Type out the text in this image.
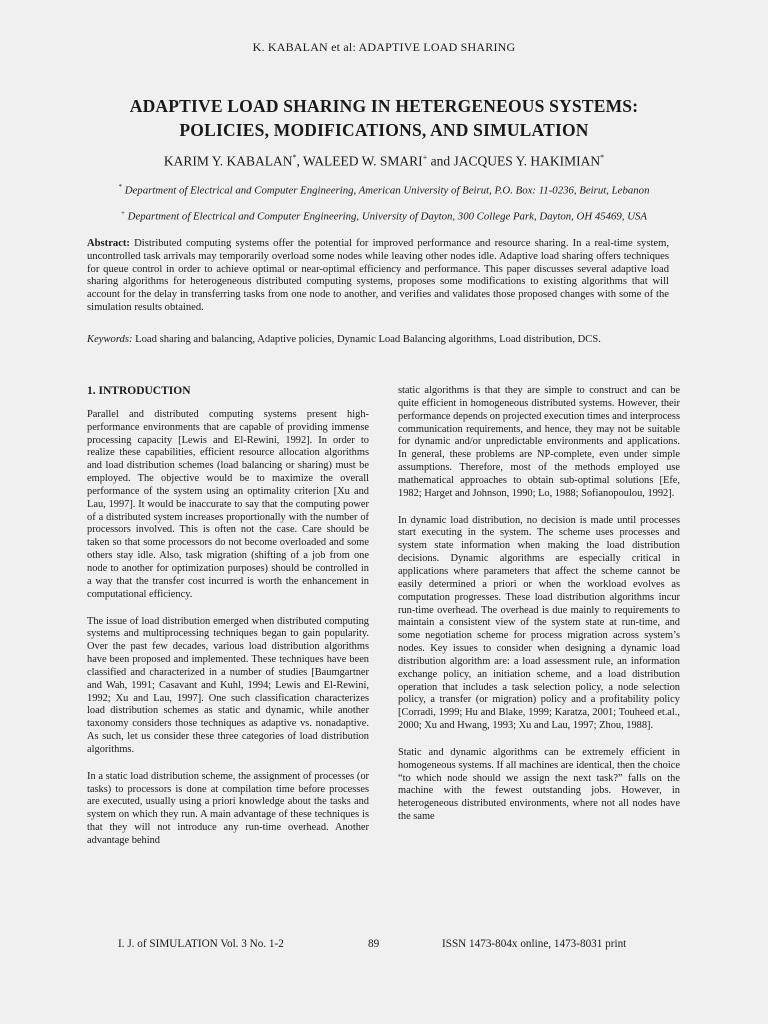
K. KABALAN et al: ADAPTIVE LOAD SHARING
ADAPTIVE LOAD SHARING IN HETERGENEOUS SYSTEMS:
POLICIES, MODIFICATIONS, AND SIMULATION
KARIM Y. KABALAN*, WALEED W. SMARI+ and JACQUES Y. HAKIMIAN*
* Department of Electrical and Computer Engineering, American University of Beirut, P.O. Box: 11-0236, Beirut, Lebanon
+ Department of Electrical and Computer Engineering, University of Dayton, 300 College Park, Dayton, OH 45469, USA
Abstract: Distributed computing systems offer the potential for improved performance and resource sharing. In a real-time system, uncontrolled task arrivals may temporarily overload some nodes while leaving other nodes idle. Adaptive load sharing offers techniques for queue control in order to achieve optimal or near-optimal efficiency and performance. This paper discusses several adaptive load sharing algorithms for heterogeneous distributed computing systems, proposes some modifications to existing algorithms that will account for the delay in transferring tasks from one node to another, and verifies and validates those proposed changes with some of the simulation results obtained.
Keywords: Load sharing and balancing, Adaptive policies, Dynamic Load Balancing algorithms, Load distribution, DCS.
1. INTRODUCTION

Parallel and distributed computing systems present high-performance environments that are capable of providing immense processing capacity [Lewis and El-Rewini, 1992]. In order to realize these capabilities, efficient resource allocation algorithms and load distribution schemes (load balancing or sharing) must be employed. The objective would be to maximize the overall performance of the system using an optimality criterion [Xu and Lau, 1997]. It would be inaccurate to say that the computing power of a distributed system increases proportionally with the number of processors involved. This is often not the case. Care should be taken so that some processors do not become overloaded and some others stay idle. Also, task migration (shifting of a job from one node to another for optimization purposes) should be controlled in a way that the transfer cost incurred is worth the enhancement in computational efficiency.

The issue of load distribution emerged when distributed computing systems and multiprocessing techniques began to gain popularity. Over the past few decades, various load distribution algorithms have been proposed and implemented. These techniques have been classified and characterized in a number of studies [Baumgartner and Wah, 1991; Casavant and Kuhl, 1994; Lewis and El-Rewini, 1992; Xu and Lau, 1997]. One such classification characterizes load distribution schemes as static and dynamic, while another taxonomy considers those techniques as adaptive vs. nonadaptive. As such, let us consider these three categories of load distribution algorithms.

In a static load distribution scheme, the assignment of processes (or tasks) to processors is done at compilation time before processes are executed, usually using a priori knowledge about the tasks and system on which they run. A main advantage of these techniques is that they will not introduce any run-time overhead. Another advantage behind

static algorithms is that they are simple to construct and can be quite efficient in homogeneous distributed systems. However, their performance depends on projected execution times and interprocess communication requirements, and hence, they may not be suitable for dynamic and/or unpredictable environments and applications. In general, these problems are NP-complete, even under simple assumptions. Therefore, most of the methods employed use mathematical approaches to obtain sub-optimal solutions [Efe, 1982; Harget and Johnson, 1990; Lo, 1988; Sofianopoulou, 1992].

In dynamic load distribution, no decision is made until processes start executing in the system. The scheme uses processes and system state information when making the load distribution decisions. Dynamic algorithms are especially critical in applications where parameters that affect the scheme cannot be easily determined a priori or when the workload evolves as computation progresses. These load distribution algorithms incur run-time overhead. The overhead is due mainly to requirements to maintain a consistent view of the system state at run-time, and some negotiation scheme for process migration across system’s nodes. Key issues to consider when designing a dynamic load distribution algorithm are: a load assessment rule, an information exchange policy, an initiation scheme, and a load distribution operation that includes a task selection policy, a node selection policy, a transfer (or migration) policy and a profitability policy [Corradi, 1999; Hu and Blake, 1999; Karatza, 2001; Touheed et.al., 2000; Xu and Hwang, 1993; Xu and Lau, 1997; Zhou, 1988].

Static and dynamic algorithms can be extremely efficient in homogeneous systems. If all machines are identical, then the choice “to which node should we assign the next task?” falls on the machine with the fewest outstanding jobs. However, in heterogeneous distributed environments, where not all nodes have the same

I. J. of SIMULATION Vol. 3 No. 1-2	89	ISSN 1473-804x online, 1473-8031 print
